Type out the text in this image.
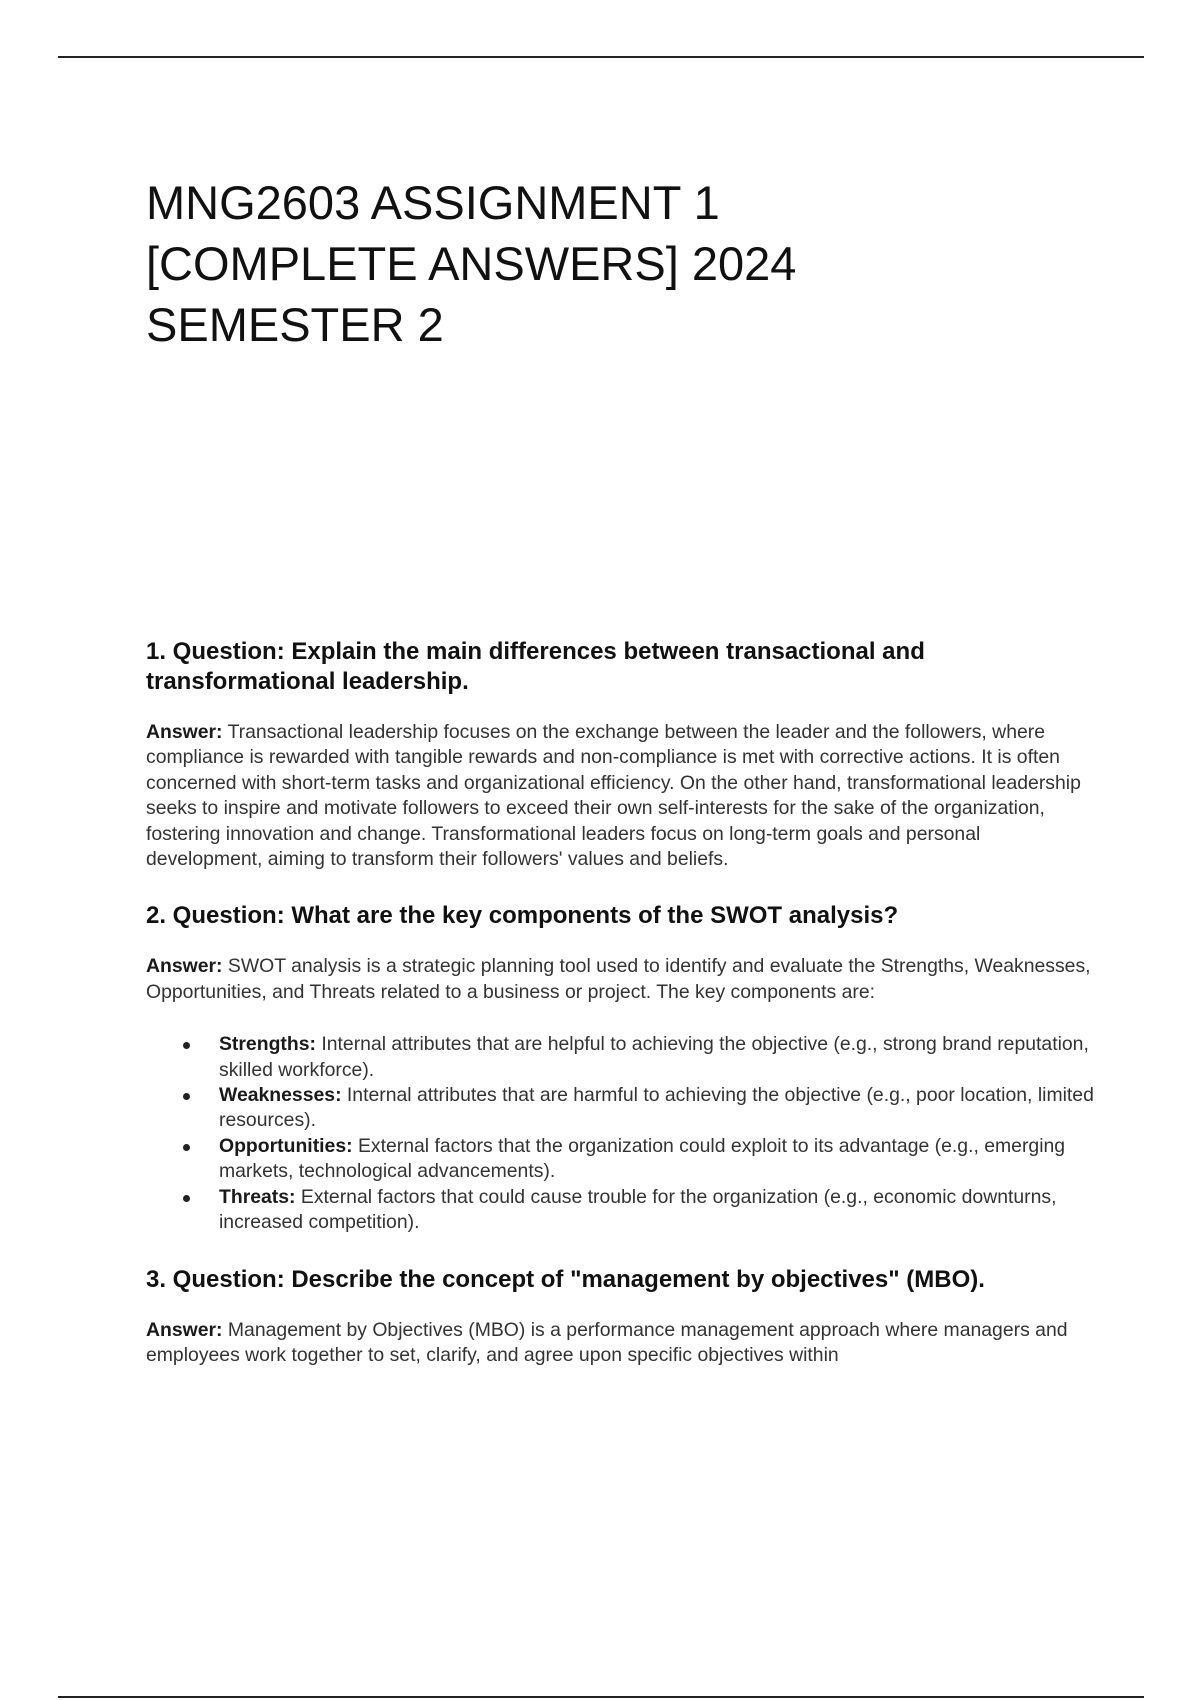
MNG2603 ASSIGNMENT 1 [COMPLETE ANSWERS] 2024 SEMESTER 2
1. Question: Explain the main differences between transactional and transformational leadership.

Answer: Transactional leadership focuses on the exchange between the leader and the followers, where compliance is rewarded with tangible rewards and non-compliance is met with corrective actions. It is often concerned with short-term tasks and organizational efficiency. On the other hand, transformational leadership seeks to inspire and motivate followers to exceed their own self-interests for the sake of the organization, fostering innovation and change. Transformational leaders focus on long-term goals and personal development, aiming to transform their followers' values and beliefs.

2. Question: What are the key components of the SWOT analysis?

Answer: SWOT analysis is a strategic planning tool used to identify and evaluate the Strengths, Weaknesses, Opportunities, and Threats related to a business or project. The key components are:

Strengths: Internal attributes that are helpful to achieving the objective (e.g., strong brand reputation, skilled workforce).
Weaknesses: Internal attributes that are harmful to achieving the objective (e.g., poor location, limited resources).
Opportunities: External factors that the organization could exploit to its advantage (e.g., emerging markets, technological advancements).
Threats: External factors that could cause trouble for the organization (e.g., economic downturns, increased competition).
3. Question: Describe the concept of "management by objectives" (MBO).

Answer: Management by Objectives (MBO) is a performance management approach where managers and employees work together to set, clarify, and agree upon specific objectives within
